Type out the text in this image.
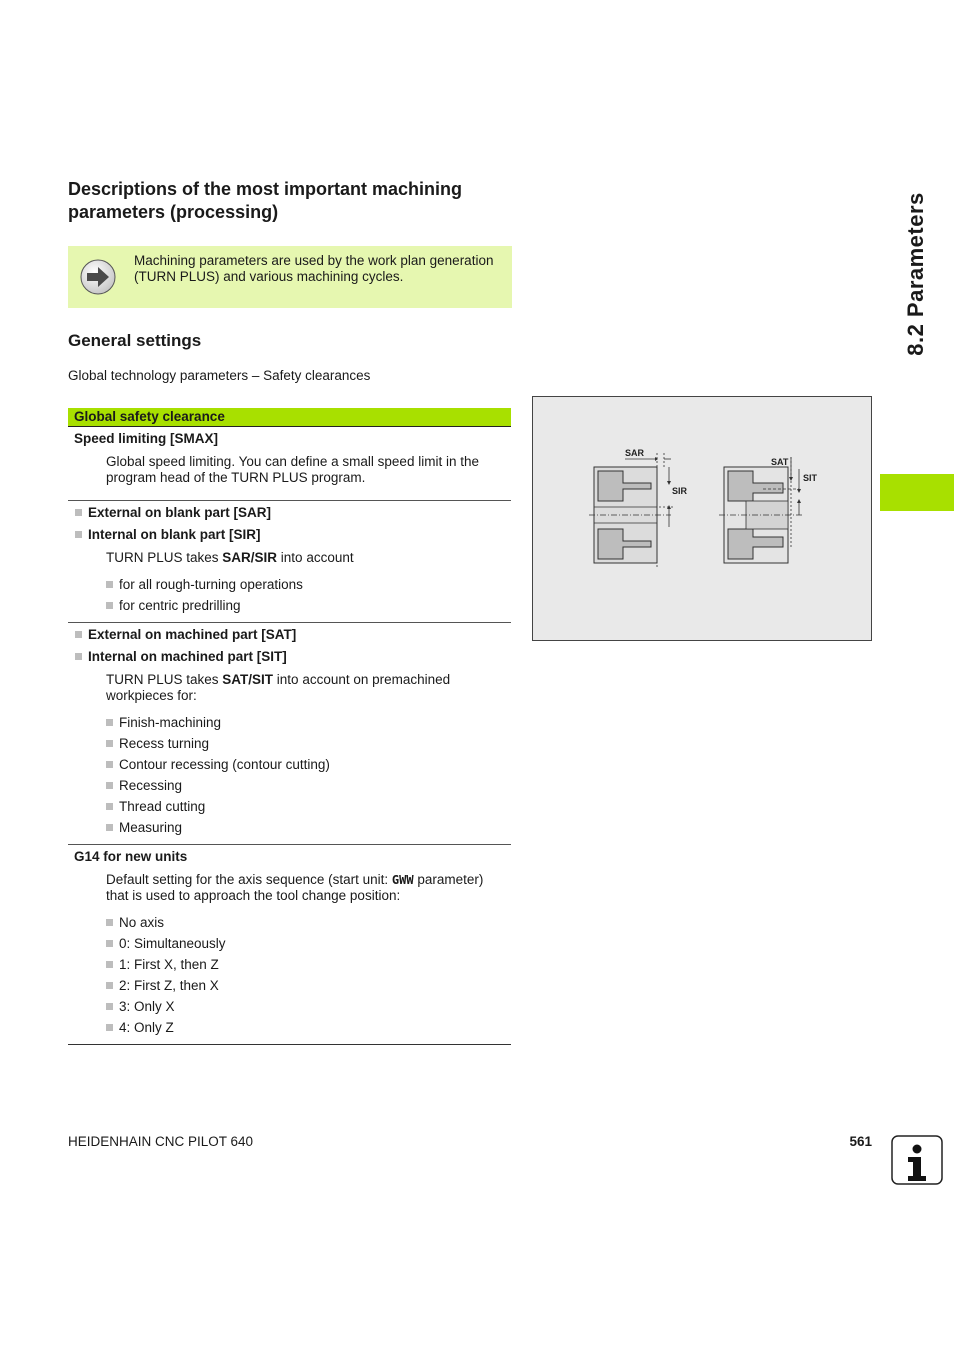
Descriptions of the most important machining parameters (processing)
Machining parameters are used by the work plan generation (TURN PLUS) and various machining cycles.
General settings
Global technology parameters – Safety clearances
Global safety clearance
Speed limiting [SMAX]
Global speed limiting. You can define a small speed limit in the program head of the TURN PLUS program.
External on blank part [SAR]
Internal on blank part [SIR]
TURN PLUS takes SAR/SIR into account
for all rough-turning operations
for centric predrilling
External on machined part [SAT]
Internal on machined part [SIT]
TURN PLUS takes SAT/SIT into account on premachined workpieces for:
Finish-machining
Recess turning
Contour recessing (contour cutting)
Recessing
Thread cutting
Measuring
G14 for new units
Default setting for the axis sequence (start unit: GWW parameter) that is used to approach the tool change position:
No axis
0: Simultaneously
1: First X, then Z
2: First Z, then X
3: Only X
4: Only Z
SAR
SIR
SAT
SIT
8.2 Parameters
HEIDENHAIN CNC PILOT 640	561
